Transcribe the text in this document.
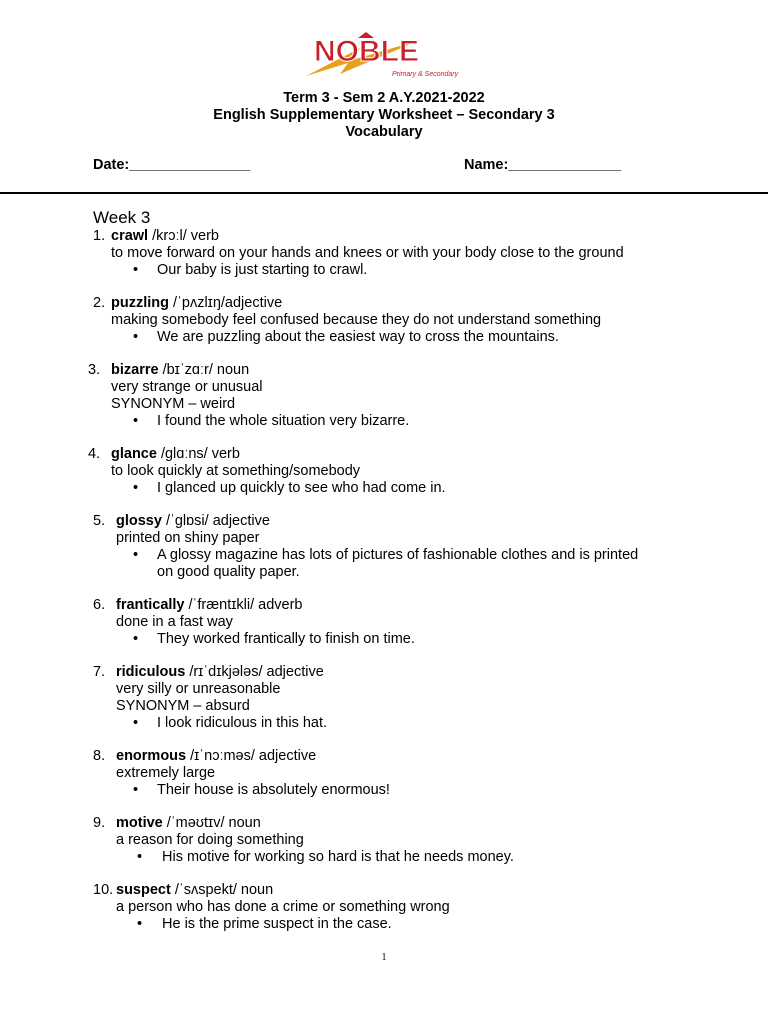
NOBLE
Primary & Secondary
Term 3 - Sem 2 A.Y.2021-2022
English Supplementary Worksheet – Secondary 3
Vocabulary
Date:_______________	Name:______________
Week 3
1. crawl /krɔːl/ verb
to move forward on your hands and knees or with your body close to the ground
• Our baby is just starting to crawl.
2. puzzling /ˈpʌzlɪŋ/adjective
making somebody feel confused because they do not understand something
• We are puzzling about the easiest way to cross the mountains.
3. bizarre /bɪˈzɑːr/ noun
very strange or unusual
SYNONYM – weird
• I found the whole situation very bizarre.
4. glance /glɑːns/ verb
to look quickly at something/somebody
• I glanced up quickly to see who had come in.
5. glossy /ˈglɒsi/ adjective
printed on shiny paper
• A glossy magazine has lots of pictures of fashionable clothes and is printed
on good quality paper.
6. frantically /ˈfræntɪkli/ adverb
done in a fast way
• They worked frantically to finish on time.
7. ridiculous /rɪˈdɪkjələs/ adjective
very silly or unreasonable
SYNONYM – absurd
• I look ridiculous in this hat.
8. enormous /ɪˈnɔːməs/ adjective
extremely large
• Their house is absolutely enormous!
9. motive /ˈməʊtɪv/ noun
a reason for doing something
• His motive for working so hard is that he needs money.
10. suspect /ˈsʌspekt/ noun
a person who has done a crime or something wrong
• He is the prime suspect in the case.
1
